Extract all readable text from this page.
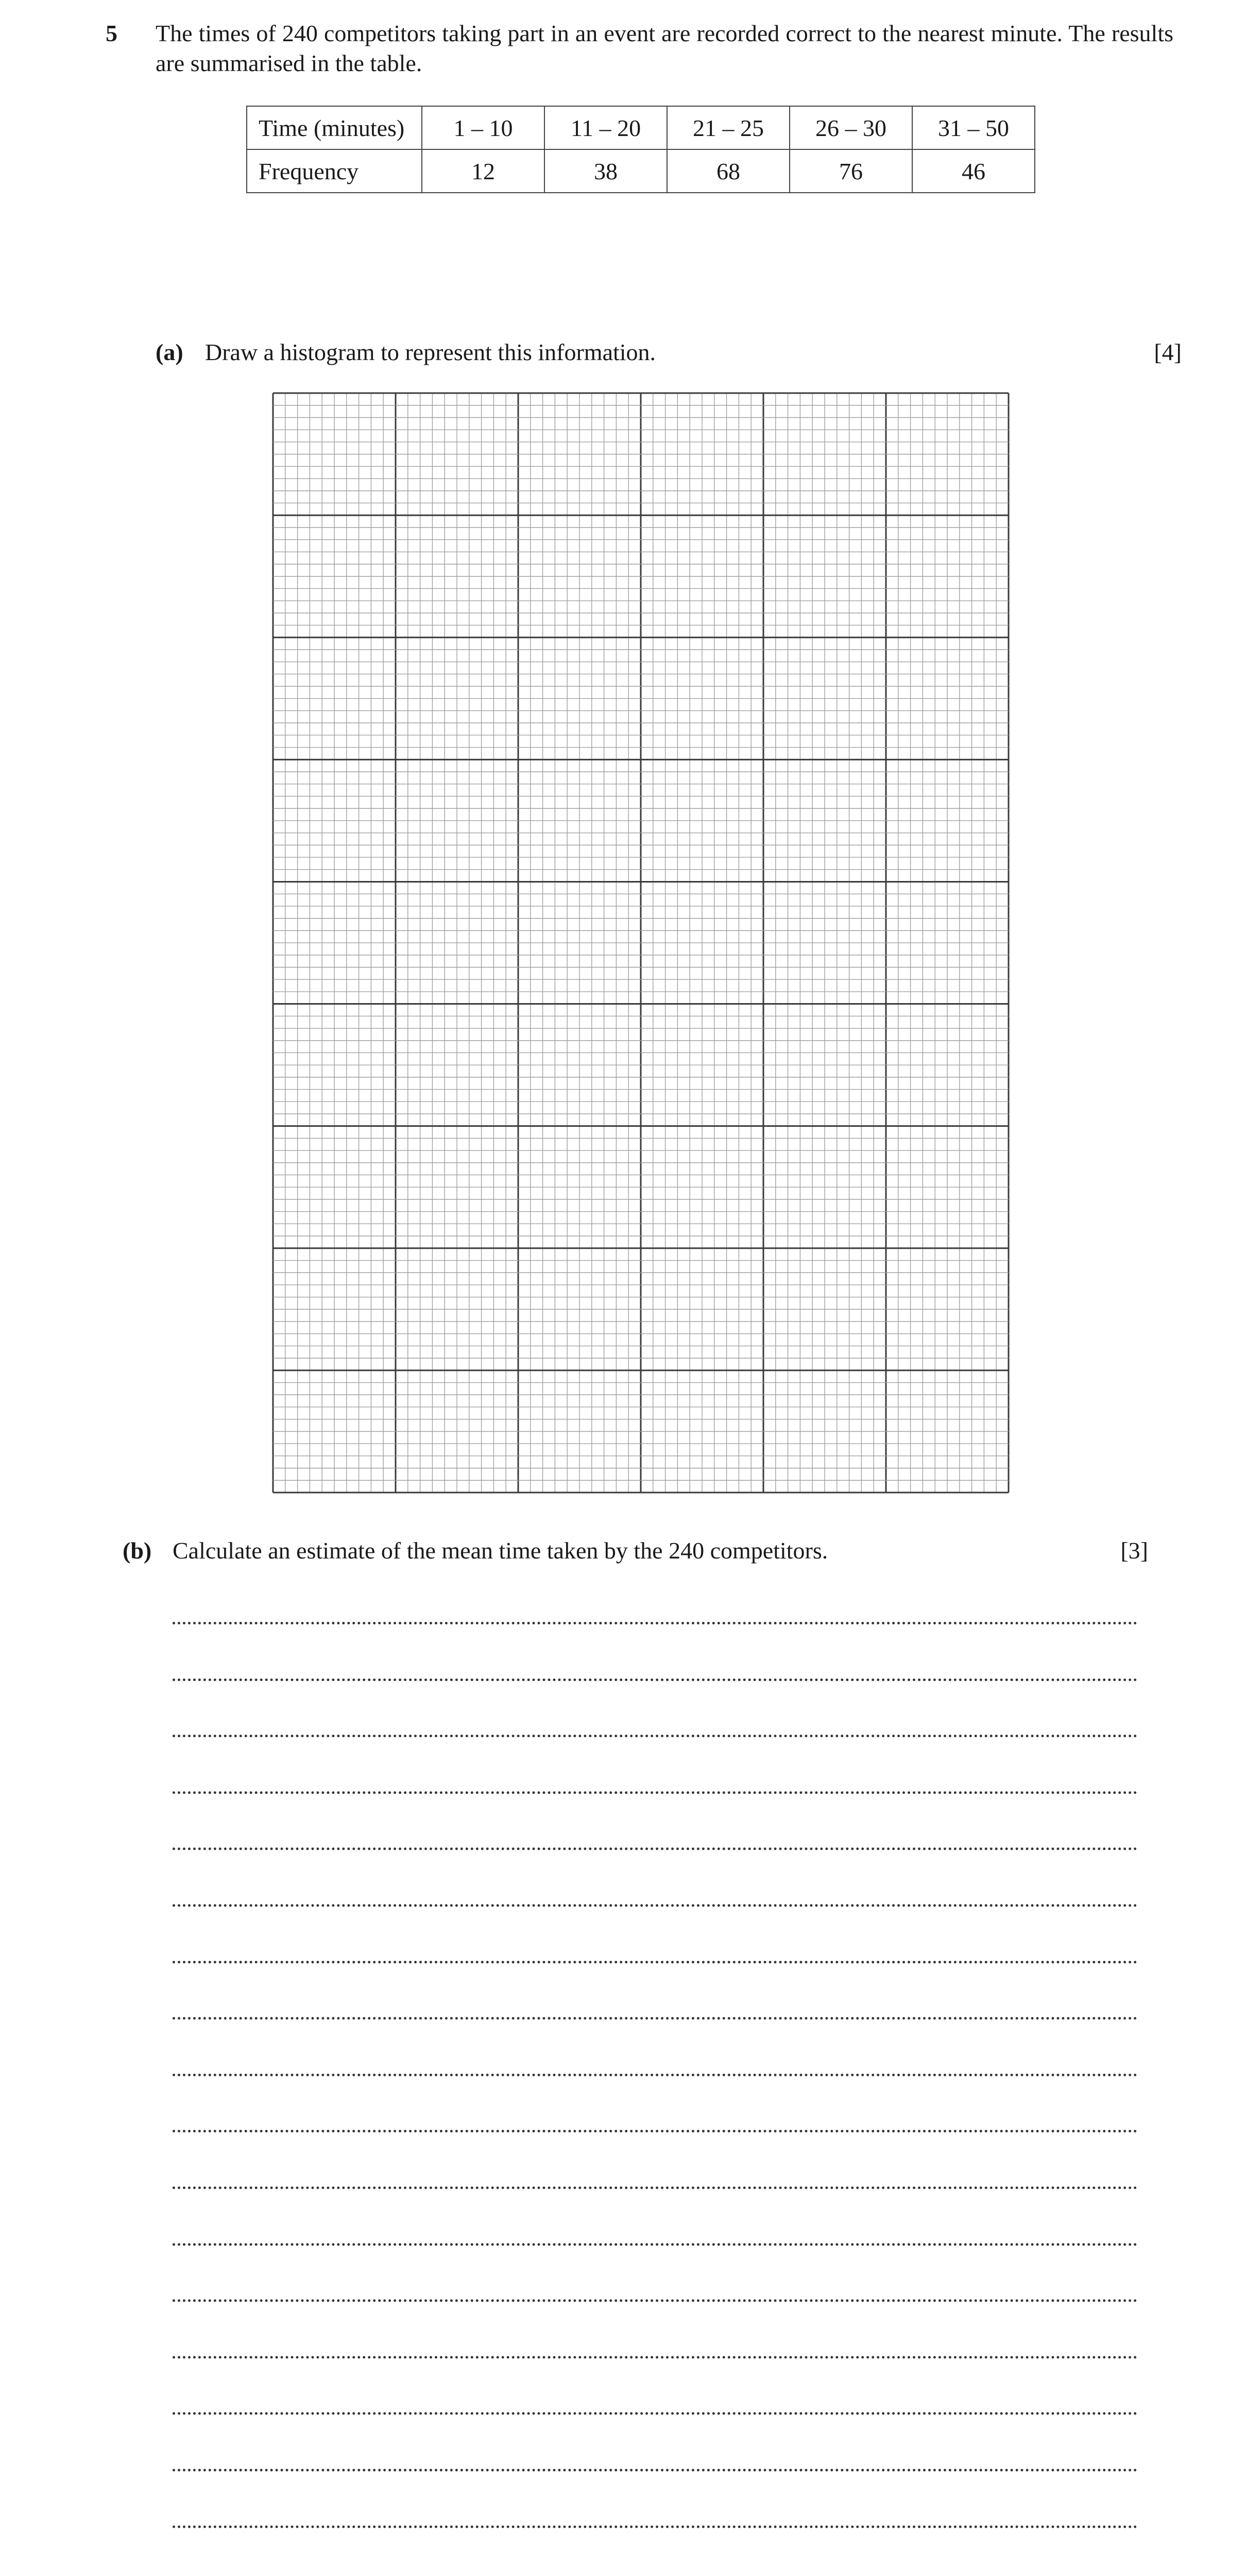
5 The times of 240 competitors taking part in an event are recorded correct to the nearest minute. The results are summarised in the table.
Time (minutes)	1 – 10	11 – 20	21 – 25	26 – 30	31 – 50
Frequency	12	38	68	76	46
(a) Draw a histogram to represent this information.	[4]
(b) Calculate an estimate of the mean time taken by the 240 competitors.	[3]
